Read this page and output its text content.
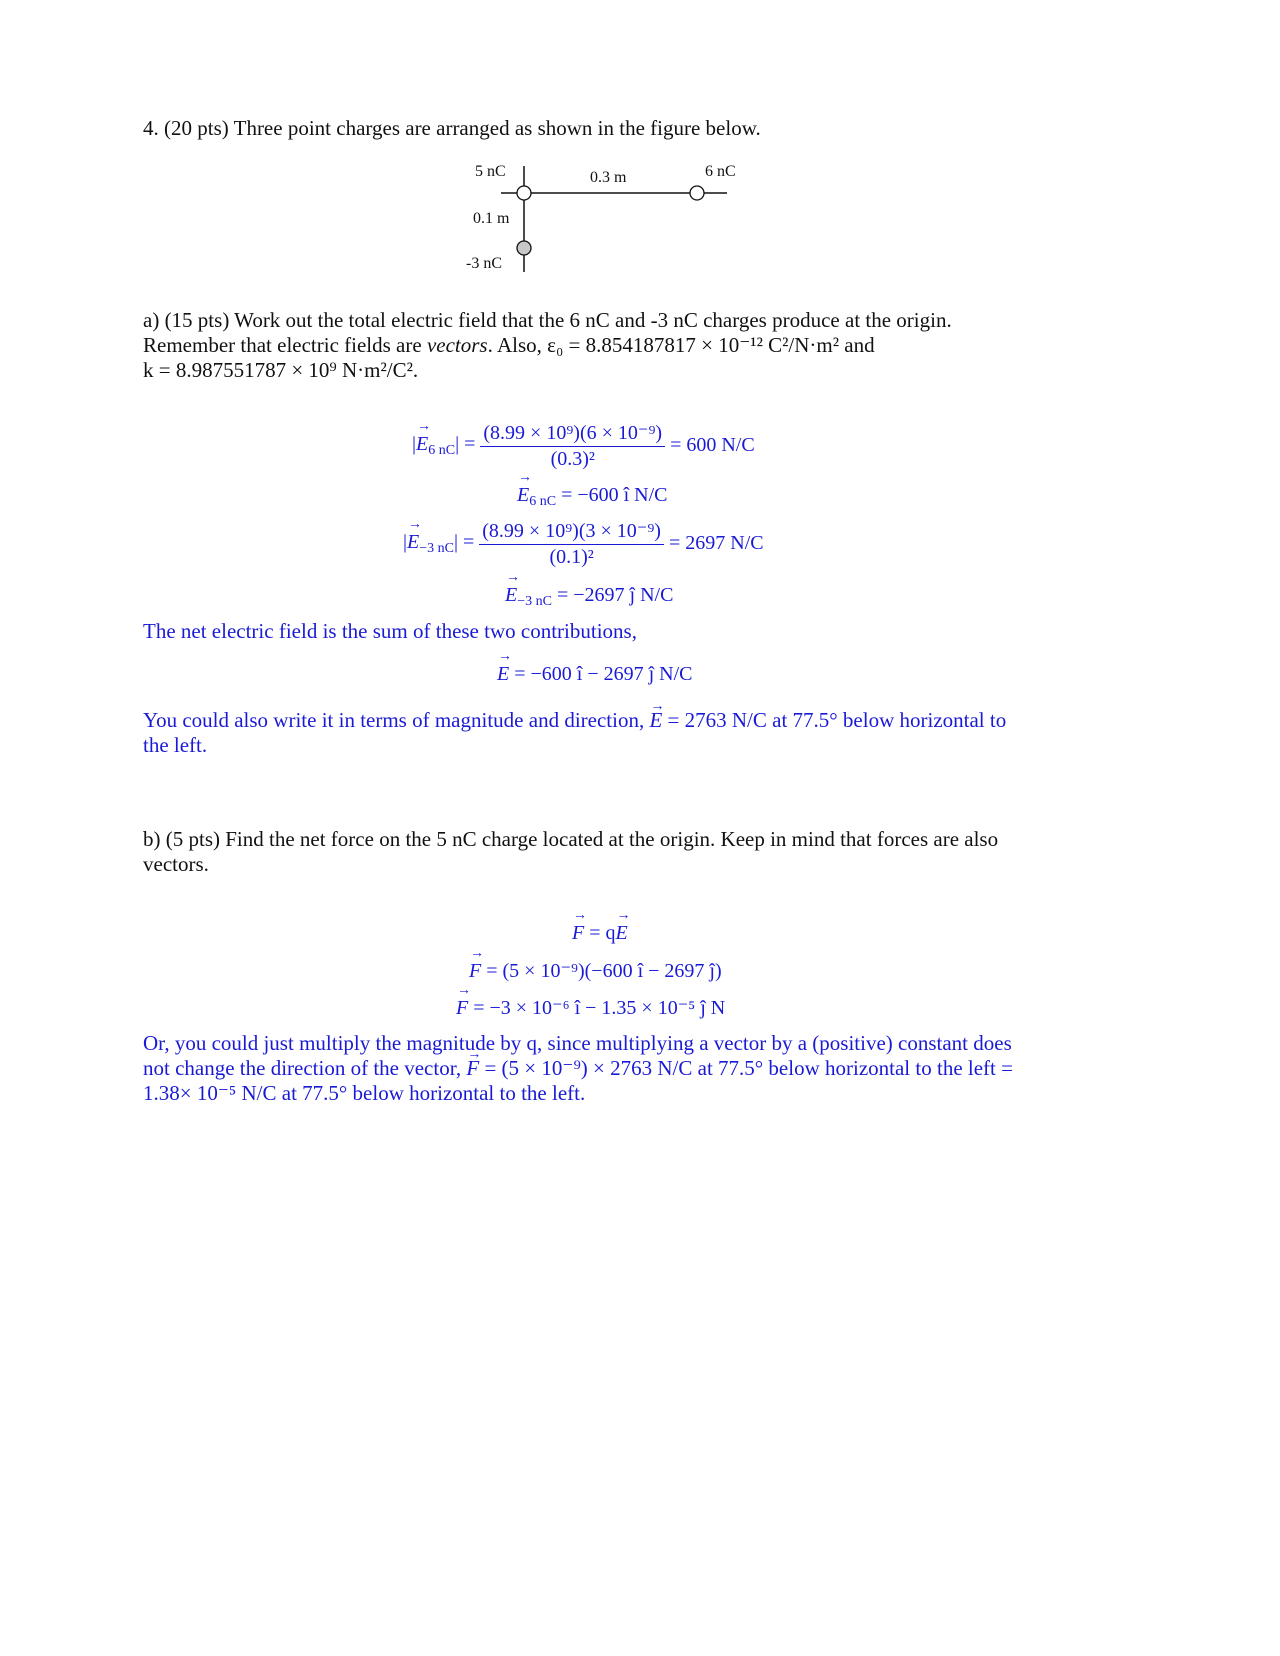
4. (20 pts) Three point charges are arranged as shown in the figure below.
5 nC	0.3 m	6 nC
0.1 m
-3 nC
a) (15 pts) Work out the total electric field that the 6 nC and -3 nC charges produce at the origin.
Remember that electric fields are vectors. Also, ε₀ = 8.854187817 × 10⁻¹² C²/N·m² and
k = 8.987551787 × 10⁹ N·m²/C².
|→ $E_{6 nC}| = \frac{\text{(8.99 × 10⁹)(6 × 10⁻⁹)}}{\text{(0.3)²}} = 600$ N/C
→ $E_{6 nC} = -600$ î N/C
|→ $E_{-3 nC}| = \frac{\text{(8.99 × 10⁹)(3 × 10⁻⁹)}}{\text{(0.1)²}} = 2697$ N/C
→ $E_{-3 nC} = -2697$ ĵ N/C
The net electric field is the sum of these two contributions,
→ E = −600 î − 2697 ĵ N/C
You could also write it in terms of magnitude and direction, → E = 2763 N/C at 77.5° below horizontal to
the left.
b) (5 pts) Find the net force on the 5 nC charge located at the origin. Keep in mind that forces are also
vectors.
→ F = q→ E
→ F = (5 × 10⁻⁹)(−600 î − 2697 ĵ)
→ F = −3 × 10⁻⁶ î − 1.35 × 10⁻⁵ ĵ N
Or, you could just multiply the magnitude by q, since multiplying a vector by a (positive) constant does
not change the direction of the vector, → F = (5 × 10⁻⁹) × 2763 N/C at 77.5° below horizontal to the left =
1.38× 10⁻⁵ N/C at 77.5° below horizontal to the left.
